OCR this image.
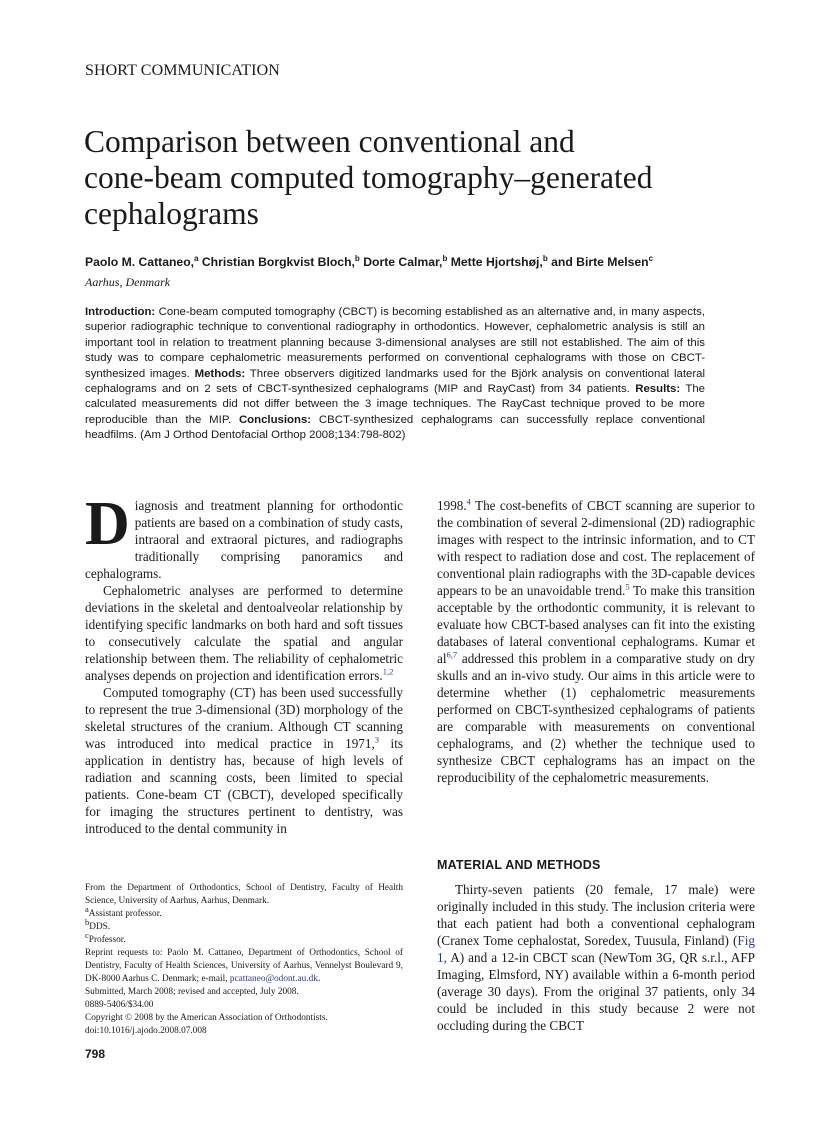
SHORT COMMUNICATION
Comparison between conventional and
cone-beam computed tomography–generated
cephalograms
Paolo M. Cattaneo,$^a$ Christian Borgkvist Bloch,$^b$ Dorte Calmar,$^b$ Mette Hjortshøj,$^b$ and Birte Melsen$^c$
Aarhus, Denmark
Introduction: Cone-beam computed tomography (CBCT) is becoming established as an alternative and, in many aspects, superior radiographic technique to conventional radiography in orthodontics. However, cephalometric analysis is still an important tool in relation to treatment planning because 3-dimensional analyses are still not established. The aim of this study was to compare cephalometric measurements performed on conventional cephalograms with those on CBCT-synthesized images. Methods: Three observers digitized landmarks used for the Björk analysis on conventional lateral cephalograms and on 2 sets of CBCT-synthesized cephalograms (MIP and RayCast) from 34 patients. Results: The calculated measurements did not differ between the 3 image techniques. The RayCast technique proved to be more reproducible than the MIP. Conclusions: CBCT-synthesized cephalograms can successfully replace conventional headfilms. (Am J Orthod Dentofacial Orthop 2008;134:798-802)

Diagnosis and treatment planning for orthodontic patients are based on a combination of study casts, intraoral and extraoral pictures, and radiographs traditionally comprising panoramics and cephalograms.

Cephalometric analyses are performed to determine deviations in the skeletal and dentoalveolar relationship by identifying specific landmarks on both hard and soft tissues to consecutively calculate the spatial and angular relationship between them. The reliability of cephalometric analyses depends on projection and identification errors.$^{1,2}$

Computed tomography (CT) has been used successfully to represent the true 3-dimensional (3D) morphology of the skeletal structures of the cranium. Although CT scanning was introduced into medical practice in 1971,$^3$ its application in dentistry has, because of high levels of radiation and scanning costs, been limited to special patients. Cone-beam CT (CBCT), developed specifically for imaging the structures pertinent to dentistry, was introduced to the dental community in

1998.$^4$ The cost-benefits of CBCT scanning are superior to the combination of several 2-dimensional (2D) radiographic images with respect to the intrinsic information, and to CT with respect to radiation dose and cost. The replacement of conventional plain radiographs with the 3D-capable devices appears to be an unavoidable trend.$^5$ To make this transition acceptable by the orthodontic community, it is relevant to evaluate how CBCT-based analyses can fit into the existing databases of lateral conventional cephalograms. Kumar et al$^{6,7}$ addressed this problem in a comparative study on dry skulls and an in-vivo study. Our aims in this article were to determine whether (1) cephalometric measurements performed on CBCT-synthesized cephalograms of patients are comparable with measurements on conventional cephalograms, and (2) whether the technique used to synthesize CBCT cephalograms has an impact on the reproducibility of the cephalometric measurements.

MATERIAL AND METHODS

Thirty-seven patients (20 female, 17 male) were originally included in this study. The inclusion criteria were that each patient had both a conventional cephalogram (Cranex Tome cephalostat, Soredex, Tuusula, Finland) (Fig 1, A) and a 12-in CBCT scan (NewTom 3G, QR s.r.l., AFP Imaging, Elmsford, NY) available within a 6-month period (average 30 days). From the original 37 patients, only 34 could be included in this study because 2 were not occluding during the CBCT

From the Department of Orthodontics, School of Dentistry, Faculty of Health Science, University of Aarhus, Aarhus, Denmark.
$^a$Assistant professor.
$^b$DDS.
$^c$Professor.
Reprint requests to: Paolo M. Cattaneo, Department of Orthodontics, School of Dentistry, Faculty of Health Sciences, University of Aarhus, Vennelyst Boulevard 9, DK-8000 Aarhus C. Denmark; e-mail, pcattaneo@odont.au.dk.
Submitted, March 2008; revised and accepted, July 2008.
0889-5406/$34.00
Copyright © 2008 by the American Association of Orthodontists.
doi:10.1016/j.ajodo.2008.07.008
798
